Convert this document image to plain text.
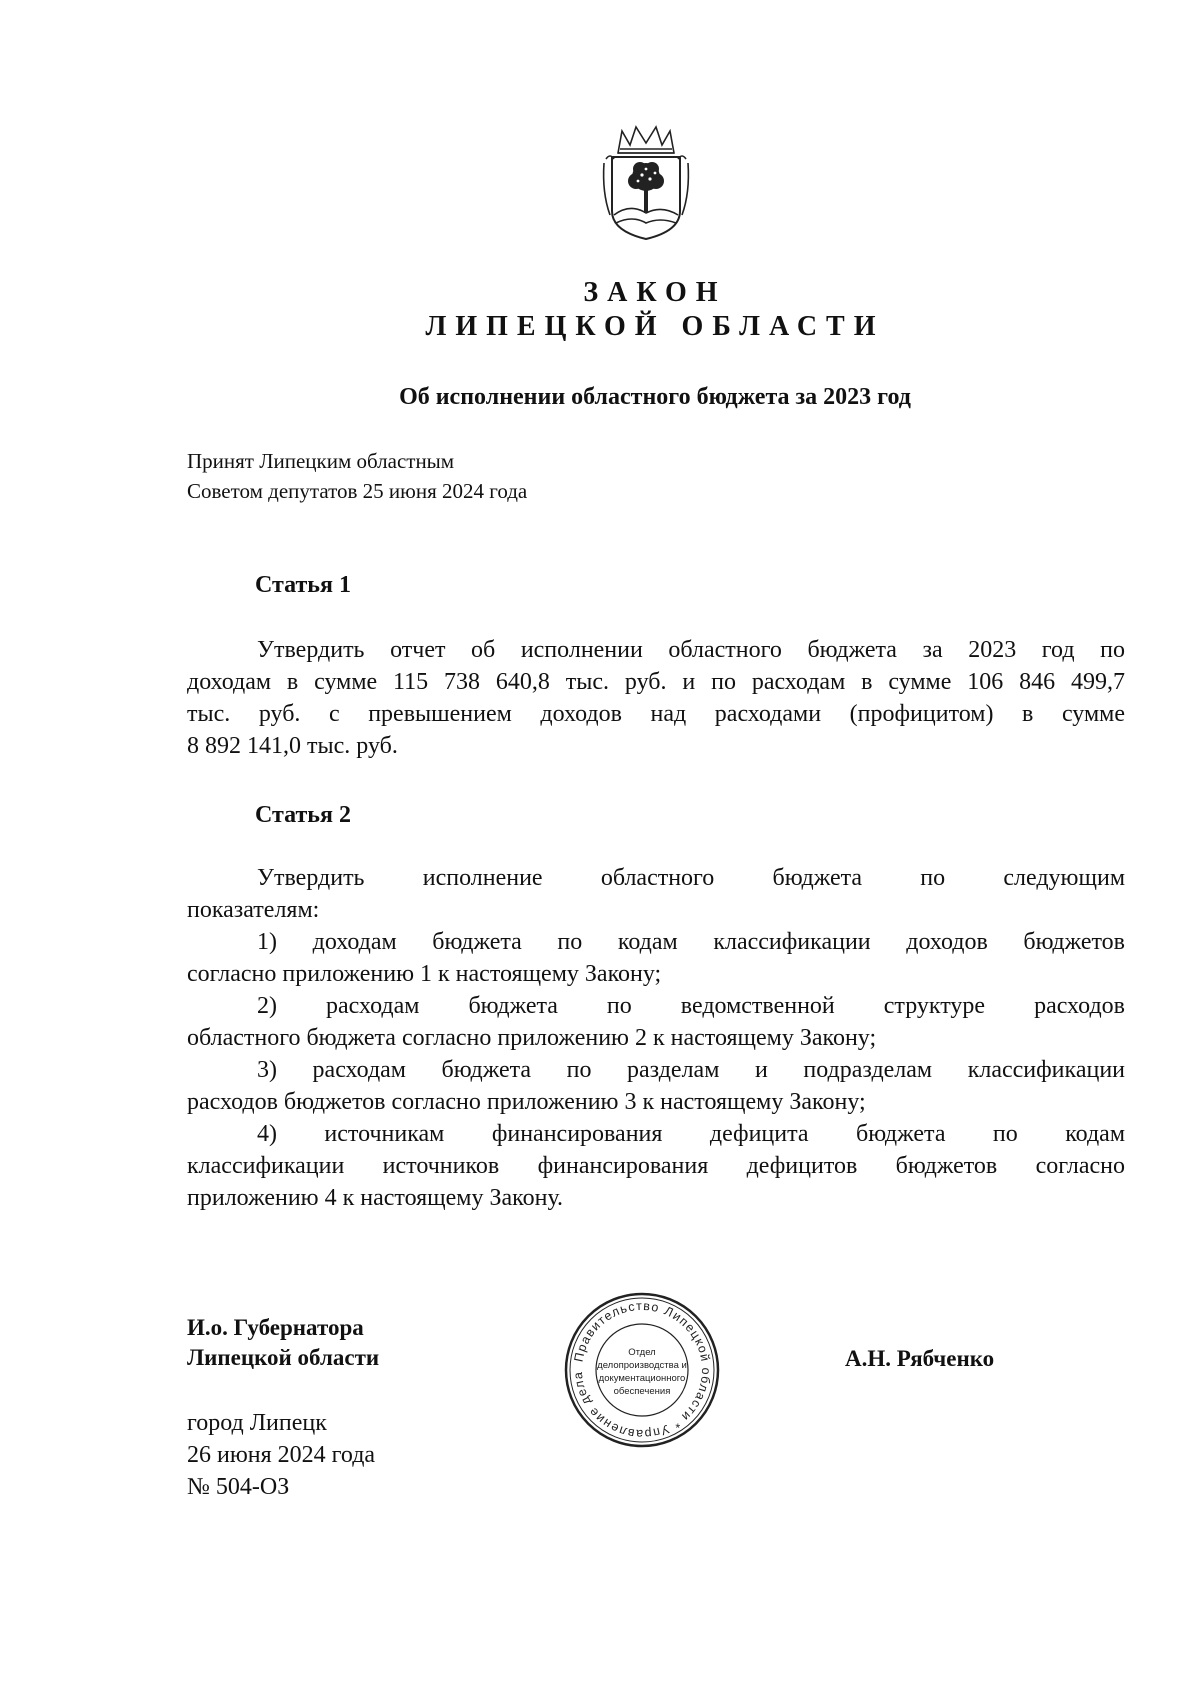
ЗАКОН
ЛИПЕЦКОЙ ОБЛАСТИ
Об исполнении областного бюджета за 2023 год
Принят Липецким областным
Советом депутатов 25 июня 2024 года
Статья 1
Утвердить отчет об исполнении областного бюджета за 2023 год по
доходам в сумме 115 738 640,8 тыс. руб. и по расходам в сумме 106 846 499,7
тыс. руб. с превышением доходов над расходами (профицитом) в сумме
8 892 141,0 тыс. руб.
Статья 2
Утвердить исполнение областного бюджета по следующим
показателям:
1) доходам бюджета по кодам классификации доходов бюджетов
согласно приложению 1 к настоящему Закону;
2) расходам бюджета по ведомственной структуре расходов
областного бюджета согласно приложению 2 к настоящему Закону;
3) расходам бюджета по разделам и подразделам классификации
расходов бюджетов согласно приложению 3 к настоящему Закону;
4) источникам финансирования дефицита бюджета по кодам
классификации источников финансирования дефицитов бюджетов согласно
приложению 4 к настоящему Закону.
И.о. Губернатора
Липецкой области	Правительство Липецкой области * Управление дела
Отдел
делопроизводства и
документационного
обеспечения
А.Н. Рябченко
город Липецк
26 июня 2024 года
№ 504-ОЗ
